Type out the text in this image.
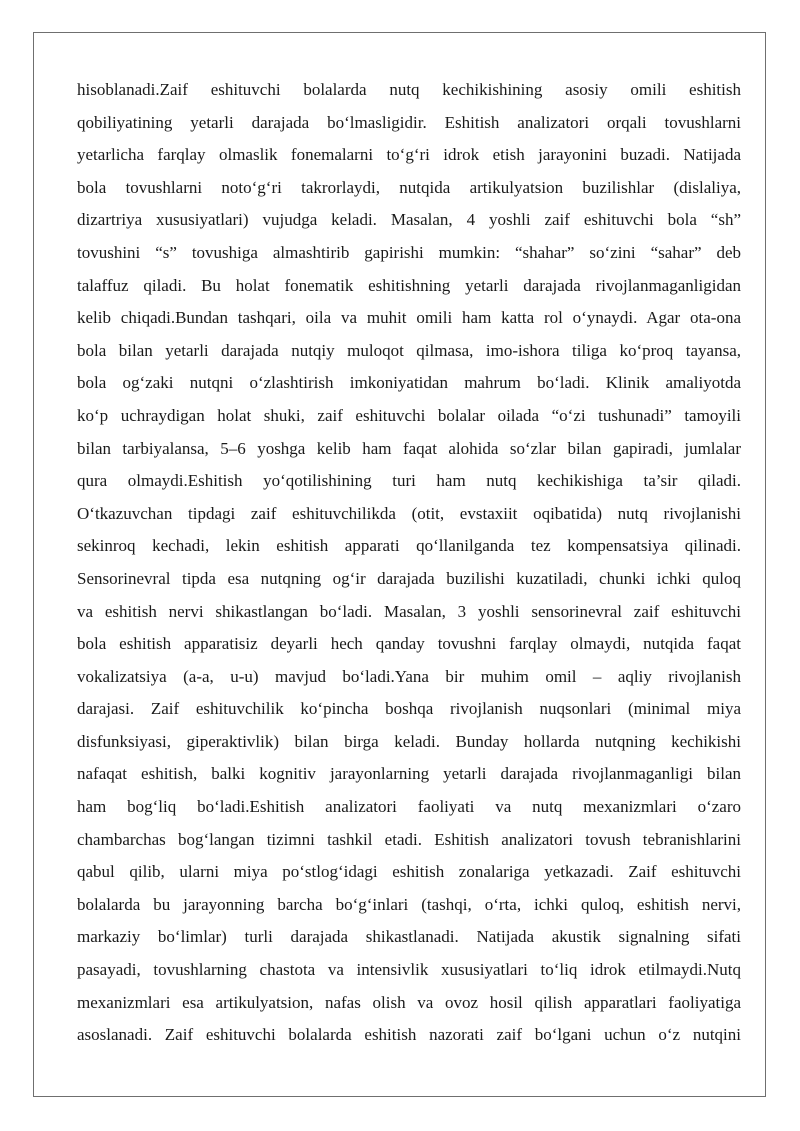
hisoblanadi.Zaif eshituvchi bolalarda nutq kechikishining asosiy omili eshitish
qobiliyatining yetarli darajada bo‘lmasligidir. Eshitish analizatori orqali tovushlarni
yetarlicha farqlay olmaslik fonemalarni to‘g‘ri idrok etish jarayonini buzadi. Natijada
bola tovushlarni noto‘g‘ri takrorlaydi, nutqida artikulyatsion buzilishlar (dislaliya,
dizartriya xususiyatlari) vujudga keladi. Masalan, 4 yoshli zaif eshituvchi bola “sh”
tovushini “s” tovushiga almashtirib gapirishi mumkin: “shahar” so‘zini “sahar” deb
talaffuz qiladi. Bu holat fonematik eshitishning yetarli darajada rivojlanmaganligidan
kelib chiqadi.Bundan tashqari, oila va muhit omili ham katta rol o‘ynaydi. Agar ota-ona
bola bilan yetarli darajada nutqiy muloqot qilmasa, imo-ishora tiliga ko‘proq tayansa,
bola og‘zaki nutqni o‘zlashtirish imkoniyatidan mahrum bo‘ladi. Klinik amaliyotda
ko‘p uchraydigan holat shuki, zaif eshituvchi bolalar oilada “o‘zi tushunadi” tamoyili
bilan tarbiyalansa, 5–6 yoshga kelib ham faqat alohida so‘zlar bilan gapiradi, jumlalar
qura olmaydi.Eshitish yo‘qotilishining turi ham nutq kechikishiga ta’sir qiladi.
O‘tkazuvchan tipdagi zaif eshituvchilikda (otit, evstaxiit oqibatida) nutq rivojlanishi
sekinroq kechadi, lekin eshitish apparati qo‘llanilganda tez kompensatsiya qilinadi.
Sensorinevral tipda esa nutqning og‘ir darajada buzilishi kuzatiladi, chunki ichki quloq
va eshitish nervi shikastlangan bo‘ladi. Masalan, 3 yoshli sensorinevral zaif eshituvchi
bola eshitish apparatisiz deyarli hech qanday tovushni farqlay olmaydi, nutqida faqat
vokalizatsiya (a-a, u-u) mavjud bo‘ladi.Yana bir muhim omil – aqliy rivojlanish
darajasi. Zaif eshituvchilik ko‘pincha boshqa rivojlanish nuqsonlari (minimal miya
disfunksiyasi, giperaktivlik) bilan birga keladi. Bunday hollarda nutqning kechikishi
nafaqat eshitish, balki kognitiv jarayonlarning yetarli darajada rivojlanmaganligi bilan
ham bog‘liq bo‘ladi.Eshitish analizatori faoliyati va nutq mexanizmlari o‘zaro
chambarchas bog‘langan tizimni tashkil etadi. Eshitish analizatori tovush tebranishlarini
qabul qilib, ularni miya po‘stlog‘idagi eshitish zonalariga yetkazadi. Zaif eshituvchi
bolalarda bu jarayonning barcha bo‘g‘inlari (tashqi, o‘rta, ichki quloq, eshitish nervi,
markaziy bo‘limlar) turli darajada shikastlanadi. Natijada akustik signalning sifati
pasayadi, tovushlarning chastota va intensivlik xususiyatlari to‘liq idrok etilmaydi.Nutq
mexanizmlari esa artikulyatsion, nafas olish va ovoz hosil qilish apparatlari faoliyatiga
asoslanadi. Zaif eshituvchi bolalarda eshitish nazorati zaif bo‘lgani uchun o‘z nutqini
